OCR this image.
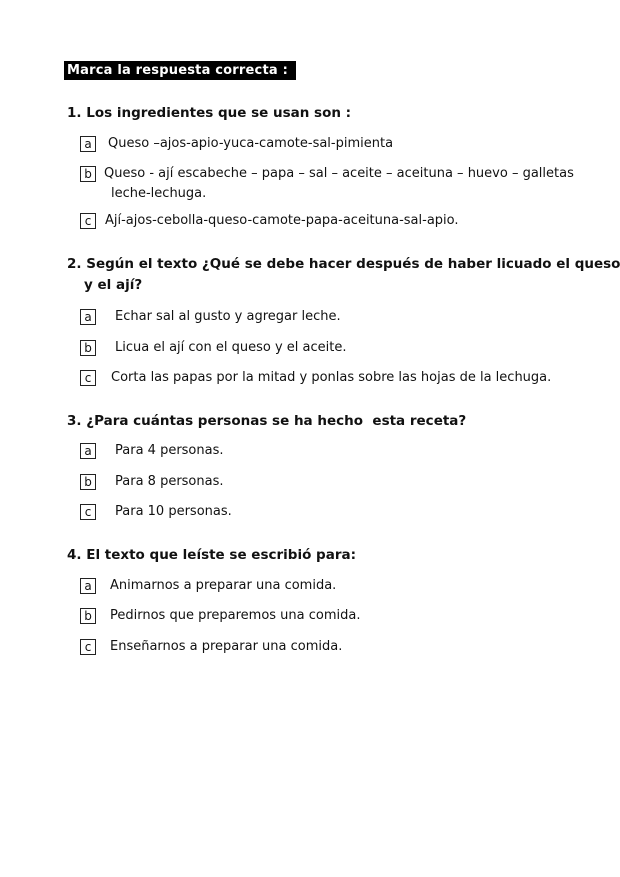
Marca la respuesta correcta :
1. Los ingredientes que se usan son :
a	Queso –ajos-apio-yuca-camote-sal-pimienta
b Queso - ají escabeche – papa – sal – aceite – aceituna – huevo – galletas
leche-lechuga.
c	Ají-ajos-cebolla-queso-camote-papa-aceituna-sal-apio.
2. Según el texto ¿Qué se debe hacer después de haber licuado el queso
y el ají?
a	Echar sal al gusto y agregar leche.
b	Licua el ají con el queso y el aceite.
c	Corta las papas por la mitad y ponlas sobre las hojas de la lechuga.
3. ¿Para cuántas personas se ha hecho  esta receta?
a	Para 4 personas.
b	Para 8 personas.
c	Para 10 personas.
4. El texto que leíste se escribió para:
a	Animarnos a preparar una comida.
b	Pedirnos que preparemos una comida.
c	Enseñarnos a preparar una comida.
